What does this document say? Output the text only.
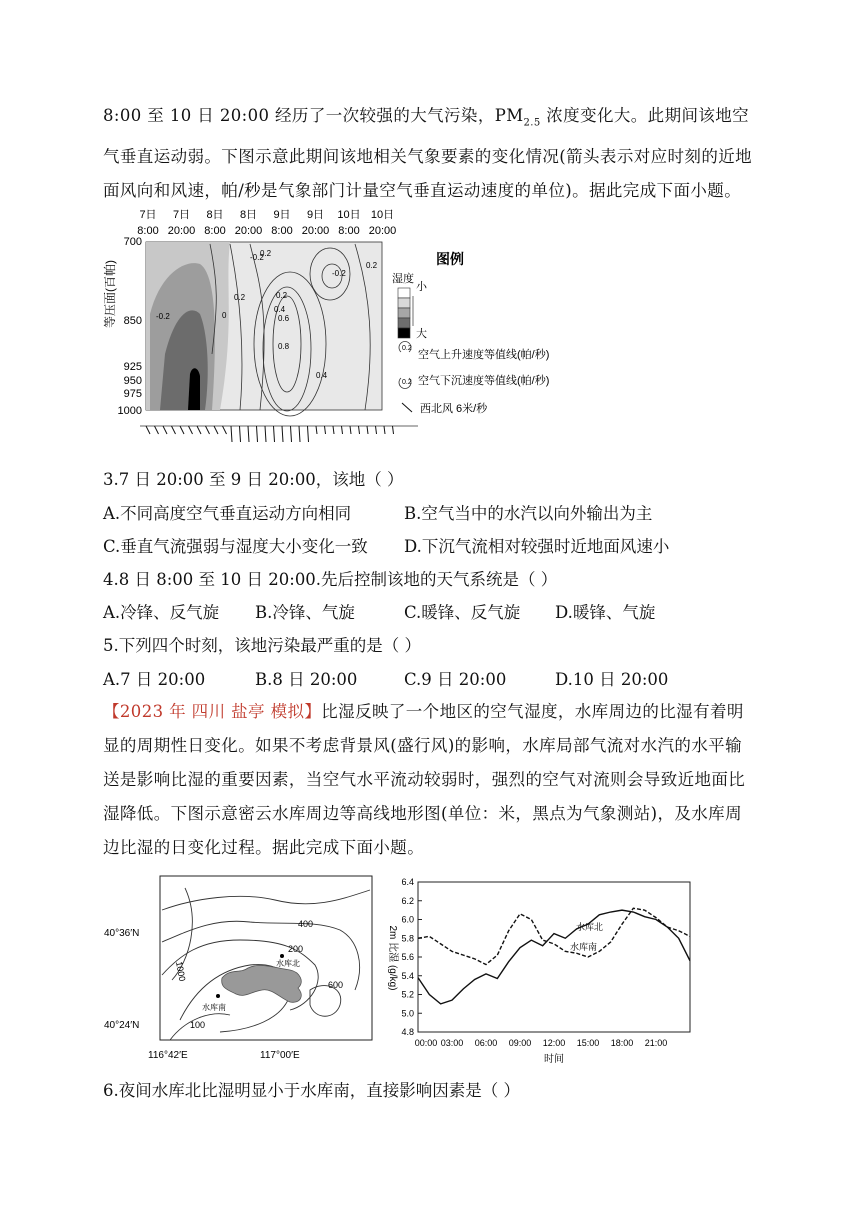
8:00 至 10 日 20:00 经历了一次较强的大气污染，$PM_{2.5}$ 浓度变化大。此期间该地空气垂直运动弱。下图示意此期间该地相关气象要素的变化情况(箭头表示对应时刻的近地面风向和风速，帕/秒是气象部门计量空气垂直运动速度的单位)。据此完成下面小题。
7日
8:00
7日
20:00
8日
8:00
8日
20:00
9日
8:00
9日
20:00
10日
8:00
10日
20:00
等压面(百帕)
700
850
925
950
975
1000
-0.2
0.2
0
0.2
0.4
0.6
0.8
-0.2
0.2
0.2
0.4
-0.2	图例
湿度
小
大
0.2
空气上升速度等值线(帕/秒)
0.2 空气下沉速度等值线(帕/秒)
西北风 6米/秒
3.7 日 20:00 至 9 日 20:00，该地（ ）
A.不同高度空气垂直运动方向相同	B.空气当中的水汽以向外输出为主
C.垂直气流强弱与湿度大小变化一致 D.下沉气流相对较强时近地面风速小
4.8 日 8:00 至 10 日 20:00.先后控制该地的天气系统是（ ）
A.冷锋、反气旋 B.冷锋、气旋	C.暖锋、反气旋 D.暖锋、气旋
5.下列四个时刻，该地污染最严重的是（ ）
A.7 日 20:00	B.8 日 20:00	C.9 日 20:00	D.10 日 20:00
【2023 年 四川 盐亭 模拟】比湿反映了一个地区的空气湿度，水库周边的比湿有着明显的周期性日变化。如果不考虑背景风(盛行风)的影响，水库局部气流对水汽的水平输送是影响比湿的重要因素，当空气水平流动较弱时，强烈的空气对流则会导致近地面比湿降低。下图示意密云水库周边等高线地形图(单位：米，黑点为气象测站)，及水库周边比湿的日变化过程。据此完成下面小题。
水库北
水库南
400
200
1000
600
100
40°36′N
40°24′N
116°42′E	117°00′E
2m 比湿 (g/kg)
时间
6.4
6.2
6.0
5.8
5.6
5.4
5.2
5.0
4.8
00:00 03:00 06:00 09:00 12:00 15:00 18:00 21:00
水库北
水库南
6.夜间水库北比湿明显小于水库南，直接影响因素是（ ）
